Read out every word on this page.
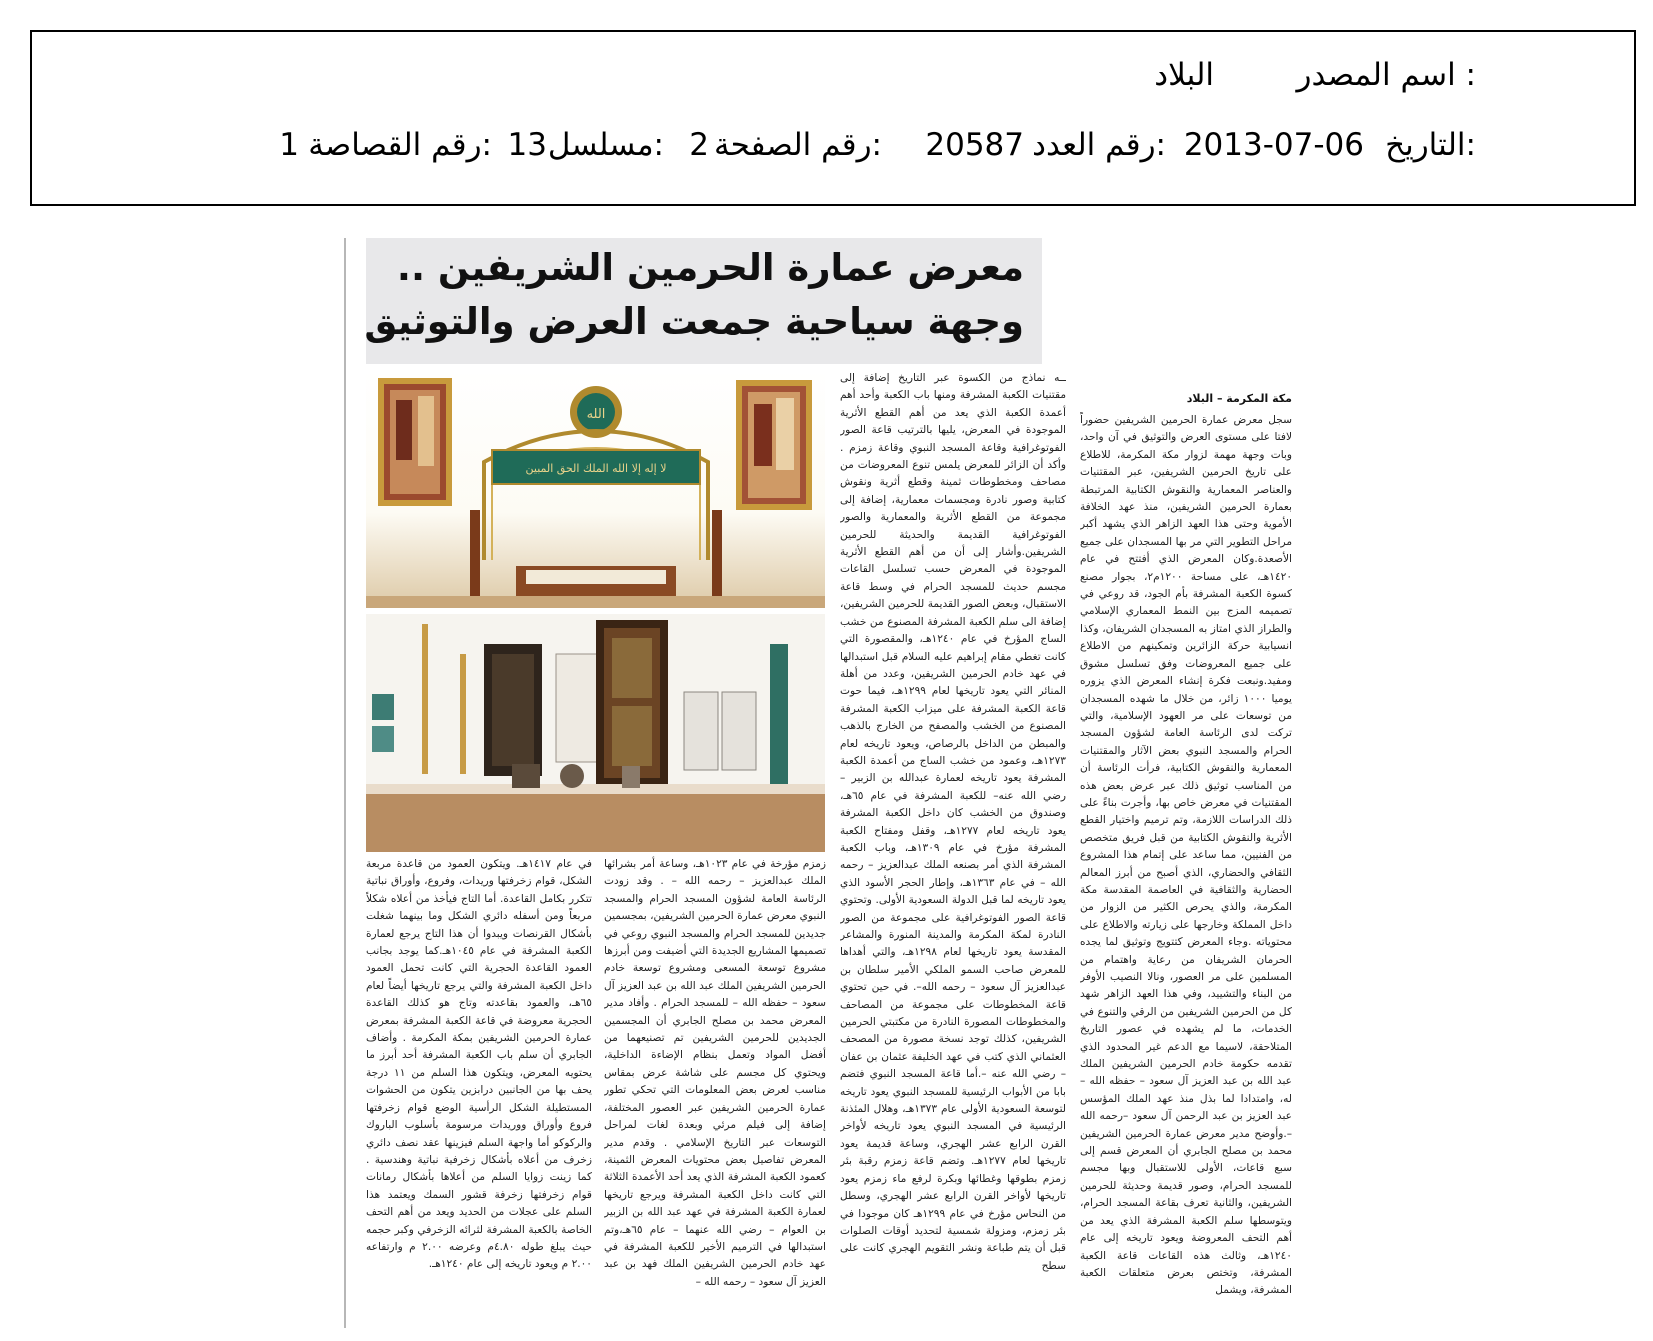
اسم المصدر :
البلاد
التاريخ:
2013-07-06
رقم العدد:
20587
رقم الصفحة:
2
مسلسل:
13
رقم القصاصة:
1
معرض عمارة الحرمين الشريفين ..
وجهة سياحية جمعت العرض والتوثيق
الله
لا إله إلا الله الملك الحق المبين
مكة المكرمة – البلاد

سجل معرض عمارة الحرمين الشريفين حضوراً لافتا على مستوى العرض والتوثيق في آن واحد، وبات وجهة مهمة لزوار مكة المكرمة، للاطلاع على تاريخ الحرمين الشريفين، عبر المقتنيات والعناصر المعمارية والنقوش الكتابية المرتبطة بعمارة الحرمين الشريفين، منذ عهد الخلافة الأموية وحتى هذا العهد الزاهر الذي يشهد أكبر مراحل التطوير التي مر بها المسجدان على جميع الأصعدة.وكان المعرض الذي أفتتح في عام ١٤٢٠هـ، على مساحة ١٢٠٠م٢، بجوار مصنع كسوة الكعبة المشرفة بأم الجود، قد روعي في تصميمه المزج بين النمط المعماري الإسلامي والطراز الذي امتاز به المسجدان الشريفان، وكذا انسيابية حركة الزائرين وتمكينهم من الاطلاع على جميع المعروضات وفق تسلسل مشوق ومفيد.ونبعت فكرة إنشاء المعرض الذي يزوره يوميا ١٠٠٠ زائر، من خلال ما شهده المسجدان من توسعات على مر العهود الإسلامية، والتي تركت لدى الرئاسة العامة لشؤون المسجد الحرام والمسجد النبوي بعض الآثار والمقتنيات المعمارية والنقوش الكتابية، فرأت الرئاسة أن من المناسب توثيق ذلك عبر عرض بعض هذه المقتنيات في معرض خاص بها، وأجرت بناءً على ذلك الدراسات اللازمة، وتم ترميم واختيار القطع الأثرية والنقوش الكتابية من قبل فريق متخصص من الفنيين، مما ساعد على إتمام هذا المشروع الثقافي والحضاري، الذي أصبح من أبرز المعالم الحضارية والثقافية في العاصمة المقدسة مكة المكرمة، والذي يحرص الكثير من الزوار من داخل المملكة وخارجها على زيارته والاطلاع على محتوياته .وجاء المعرض كتتويج وتوثيق لما يجده الحرمان الشريفان من رعاية واهتمام من المسلمين على مر العصور، ونالا النصيب الأوفر من البناء والتشييد، وفي هذا العهد الزاهر شهد كل من الحرمين الشريفين من الرقي والتنوع في الخدمات، ما لم يشهده في عصور التاريخ المتلاحقة، لاسيما مع الدعم غير المحدود الذي تقدمه حكومة خادم الحرمين الشريفين الملك عبد الله بن عبد العزيز آل سعود – حفظه الله – له، وامتدادا لما بذل منذ عهد الملك المؤسس عبد العزيز بن عبد الرحمن آل سعود –رحمه الله –.وأوضح مدير معرض عمارة الحرمين الشريفين محمد بن مصلح الجابري أن المعرض قسم إلى سبع قاعات، الأولى للاستقبال وبها مجسم للمسجد الحرام، وصور قديمة وحديثة للحرمين الشريفين، والثانية تعرف بقاعة المسجد الحرام، ويتوسطها سلم الكعبة المشرفة الذي يعد من أهم التحف المعروضة ويعود تاريخه إلى عام ١٢٤٠هـ، وثالث هذه القاعات قاعة الكعبة المشرفة، وتختص بعرض متعلقات الكعبة المشرفة، ويشمل

ــه نماذج من الكسوة عبر التاريخ إضافة إلى مقتنيات الكعبة المشرفة ومنها باب الكعبة وأحد أهم أعمدة الكعبة الذي يعد من أهم القطع الأثرية الموجودة في المعرض، يليها بالترتيب قاعة الصور الفوتوغرافية وقاعة المسجد النبوي وقاعة زمزم . وأكد أن الزائر للمعرض يلمس تنوع المعروضات من مصاحف ومخطوطات ثمينة وقطع أثرية ونقوش كتابية وصور نادرة ومجسمات معمارية، إضافة إلى مجموعة من القطع الأثرية والمعمارية والصور الفوتوغرافية القديمة والحديثة للحرمين الشريفين.وأشار إلى أن من أهم القطع الأثرية الموجودة في المعرض حسب تسلسل القاعات مجسم حديث للمسجد الحرام في وسط قاعة الاستقبال، وبعض الصور القديمة للحرمين الشريفين، إضافة الى سلم الكعبة المشرفة المصنوع من خشب الساج المؤرخ في عام ١٢٤٠هـ، والمقصورة التي كانت تغطي مقام إبراهيم عليه السلام قبل استبدالها في عهد خادم الحرمين الشريفين، وعدد من أهلة المنائر التي يعود تاريخها لعام ١٢٩٩هـ، فيما حوت قاعة الكعبة المشرفة على ميزاب الكعبة المشرفة المصنوع من الخشب والمصفح من الخارج بالذهب والمبطن من الداخل بالرصاص، ويعود تاريخه لعام ١٢٧٣هـ، وعمود من خشب الساج من أعمدة الكعبة المشرفة يعود تاريخه لعمارة عبدالله بن الزبير – رضي الله عنه– للكعبة المشرفة في عام ٦٥هـ، وصندوق من الخشب كان داخل الكعبة المشرفة يعود تاريخه لعام ١٢٧٧هـ، وقفل ومفتاح الكعبة المشرفة مؤرخ في عام ١٣٠٩هـ، وباب الكعبة المشرفة الذي أمر بصنعه الملك عبدالعزيز – رحمه الله – في عام ١٣٦٣هـ، وإطار الحجر الأسود الذي يعود تاريخه لما قبل الدولة السعودية الأولى. وتحتوي قاعة الصور الفوتوغرافية على مجموعة من الصور النادرة لمكة المكرمة والمدينة المنورة والمشاعر المقدسة يعود تاريخها لعام ١٢٩٨هـ، والتي أهداها للمعرض صاحب السمو الملكي الأمير سلطان بن عبدالعزيز آل سعود – رحمه الله–. في حين تحتوي قاعة المخطوطات على مجموعة من المصاحف والمخطوطات المصورة النادرة من مكتبتي الحرمين الشريفين، كذلك توجد نسخة مصورة من المصحف العثماني الذي كتب في عهد الخليفة عثمان بن عفان – رضي الله عنه –.أما قاعة المسجد النبوي فتضم بابا من الأبواب الرئيسية للمسجد النبوي يعود تاريخه لتوسعة السعودية الأولى عام ١٣٧٣هـ، وهلال المئذنة الرئيسية في المسجد النبوي يعود تاريخه لأواخر القرن الرابع عشر الهجري، وساعة قديمة يعود تاريخها لعام ١٢٧٧هـ. وتضم قاعة زمزم رقبة بئر زمزم بطوقها وغطائها وبكرة لرفع ماء زمزم يعود تاريخها لأواخر القرن الرابع عشر الهجري، وسطل من النحاس مؤرخ في عام ١٢٩٩هـ كان موجودا في بئر زمزم، ومزولة شمسية لتحديد أوقات الصلوات قبل أن يتم طباعة ونشر التقويم الهجري كانت على سطح

زمزم مؤرخة في عام ١٠٢٣هـ، وساعة أمر بشرائها الملك عبدالعزيز – رحمه الله – . وقد زودت الرئاسة العامة لشؤون المسجد الحرام والمسجد النبوي معرض عمارة الحرمين الشريفين، بمجسمين جديدين للمسجد الحرام والمسجد النبوي روعي في تصميمها المشاريع الجديدة التي أضيفت ومن أبرزها مشروع توسعة المسعى ومشروع توسعة خادم الحرمين الشريفين الملك عبد الله بن عبد العزيز آل سعود – حفظه الله – للمسجد الحرام . وأفاد مدير المعرض محمد بن مصلح الجابري أن المجسمين الجديدين للحرمين الشريفين تم تصنيعهما من أفضل المواد وتعمل بنظام الإضاءة الداخلية، ويحتوي كل مجسم على شاشة عرض بمقاس مناسب لعرض بعض المعلومات التي تحكي تطور عمارة الحرمين الشريفين عبر العصور المختلفة، إضافة إلى فيلم مرئي وبعدة لغات لمراحل التوسعات عبر التاريخ الإسلامي . وقدم مدير المعرض تفاصيل بعض محتويات المعرض الثمينة، كعمود الكعبة المشرفة الذي يعد أحد الأعمدة الثلاثة التي كانت داخل الكعبة المشرفة ويرجع تاريخها لعمارة الكعبة المشرفة في عهد عبد الله بن الزبير بن العوام – رضي الله عنهما – عام ٦٥هـ،وتم استبدالها في الترميم الأخير للكعبة المشرفة في عهد خادم الحرمين الشريفين الملك فهد بن عبد العزيز آل سعود – رحمه الله –

في عام ١٤١٧هـ. ويتكون العمود من قاعدة مربعة الشكل، قوام زخرفتها وريدات، وفروع، وأوراق نباتية تتكرر بكامل القاعدة. أما التاج فيأخذ من أعلاه شكلاً مربعاً ومن أسفله دائري الشكل وما بينهما شغلت بأشكال القرنصات ويبدوا أن هذا التاج يرجع لعمارة الكعبة المشرفة في عام ١٠٤٥هـ.كما يوجد بجانب العمود القاعدة الحجرية التي كانت تحمل العمود داخل الكعبة المشرفة والتي يرجع تاريخها أيضاً لعام ٦٥هـ، والعمود بقاعدته وتاج هو كذلك القاعدة الحجرية معروضة في قاعة الكعبة المشرفة بمعرض عمارة الحرمين الشريفين بمكة المكرمة . وأضاف الجابري أن سلم باب الكعبة المشرفة أحد أبرز ما يحتويه المعرض، ويتكون هذا السلم من ١١ درجة يحف بها من الجانبين درابزين يتكون من الحشوات المستطيلة الشكل الرأسية الوضع قوام زخرفتها فروع وأوراق ووريدات مرسومة بأسلوب الباروك والركوكو أما واجهة السلم فيزينها عقد نصف دائري زخرف من أعلاه بأشكال زخرفية نباتية وهندسية . كما زينت زوايا السلم من أعلاها بأشكال رمانات قوام زخرفتها زخرفة قشور السمك ويعتمد هذا السلم على عجلات من الحديد ويعد من أهم التحف الخاصة بالكعبة المشرفة لثرائه الزخرفي وكبر حجمه حيث يبلغ طوله ٤.٨٠م وعرضه ٢.٠٠ م وارتفاعه ٢.٠٠ م ويعود تاريخه إلى عام ١٢٤٠هـ.
